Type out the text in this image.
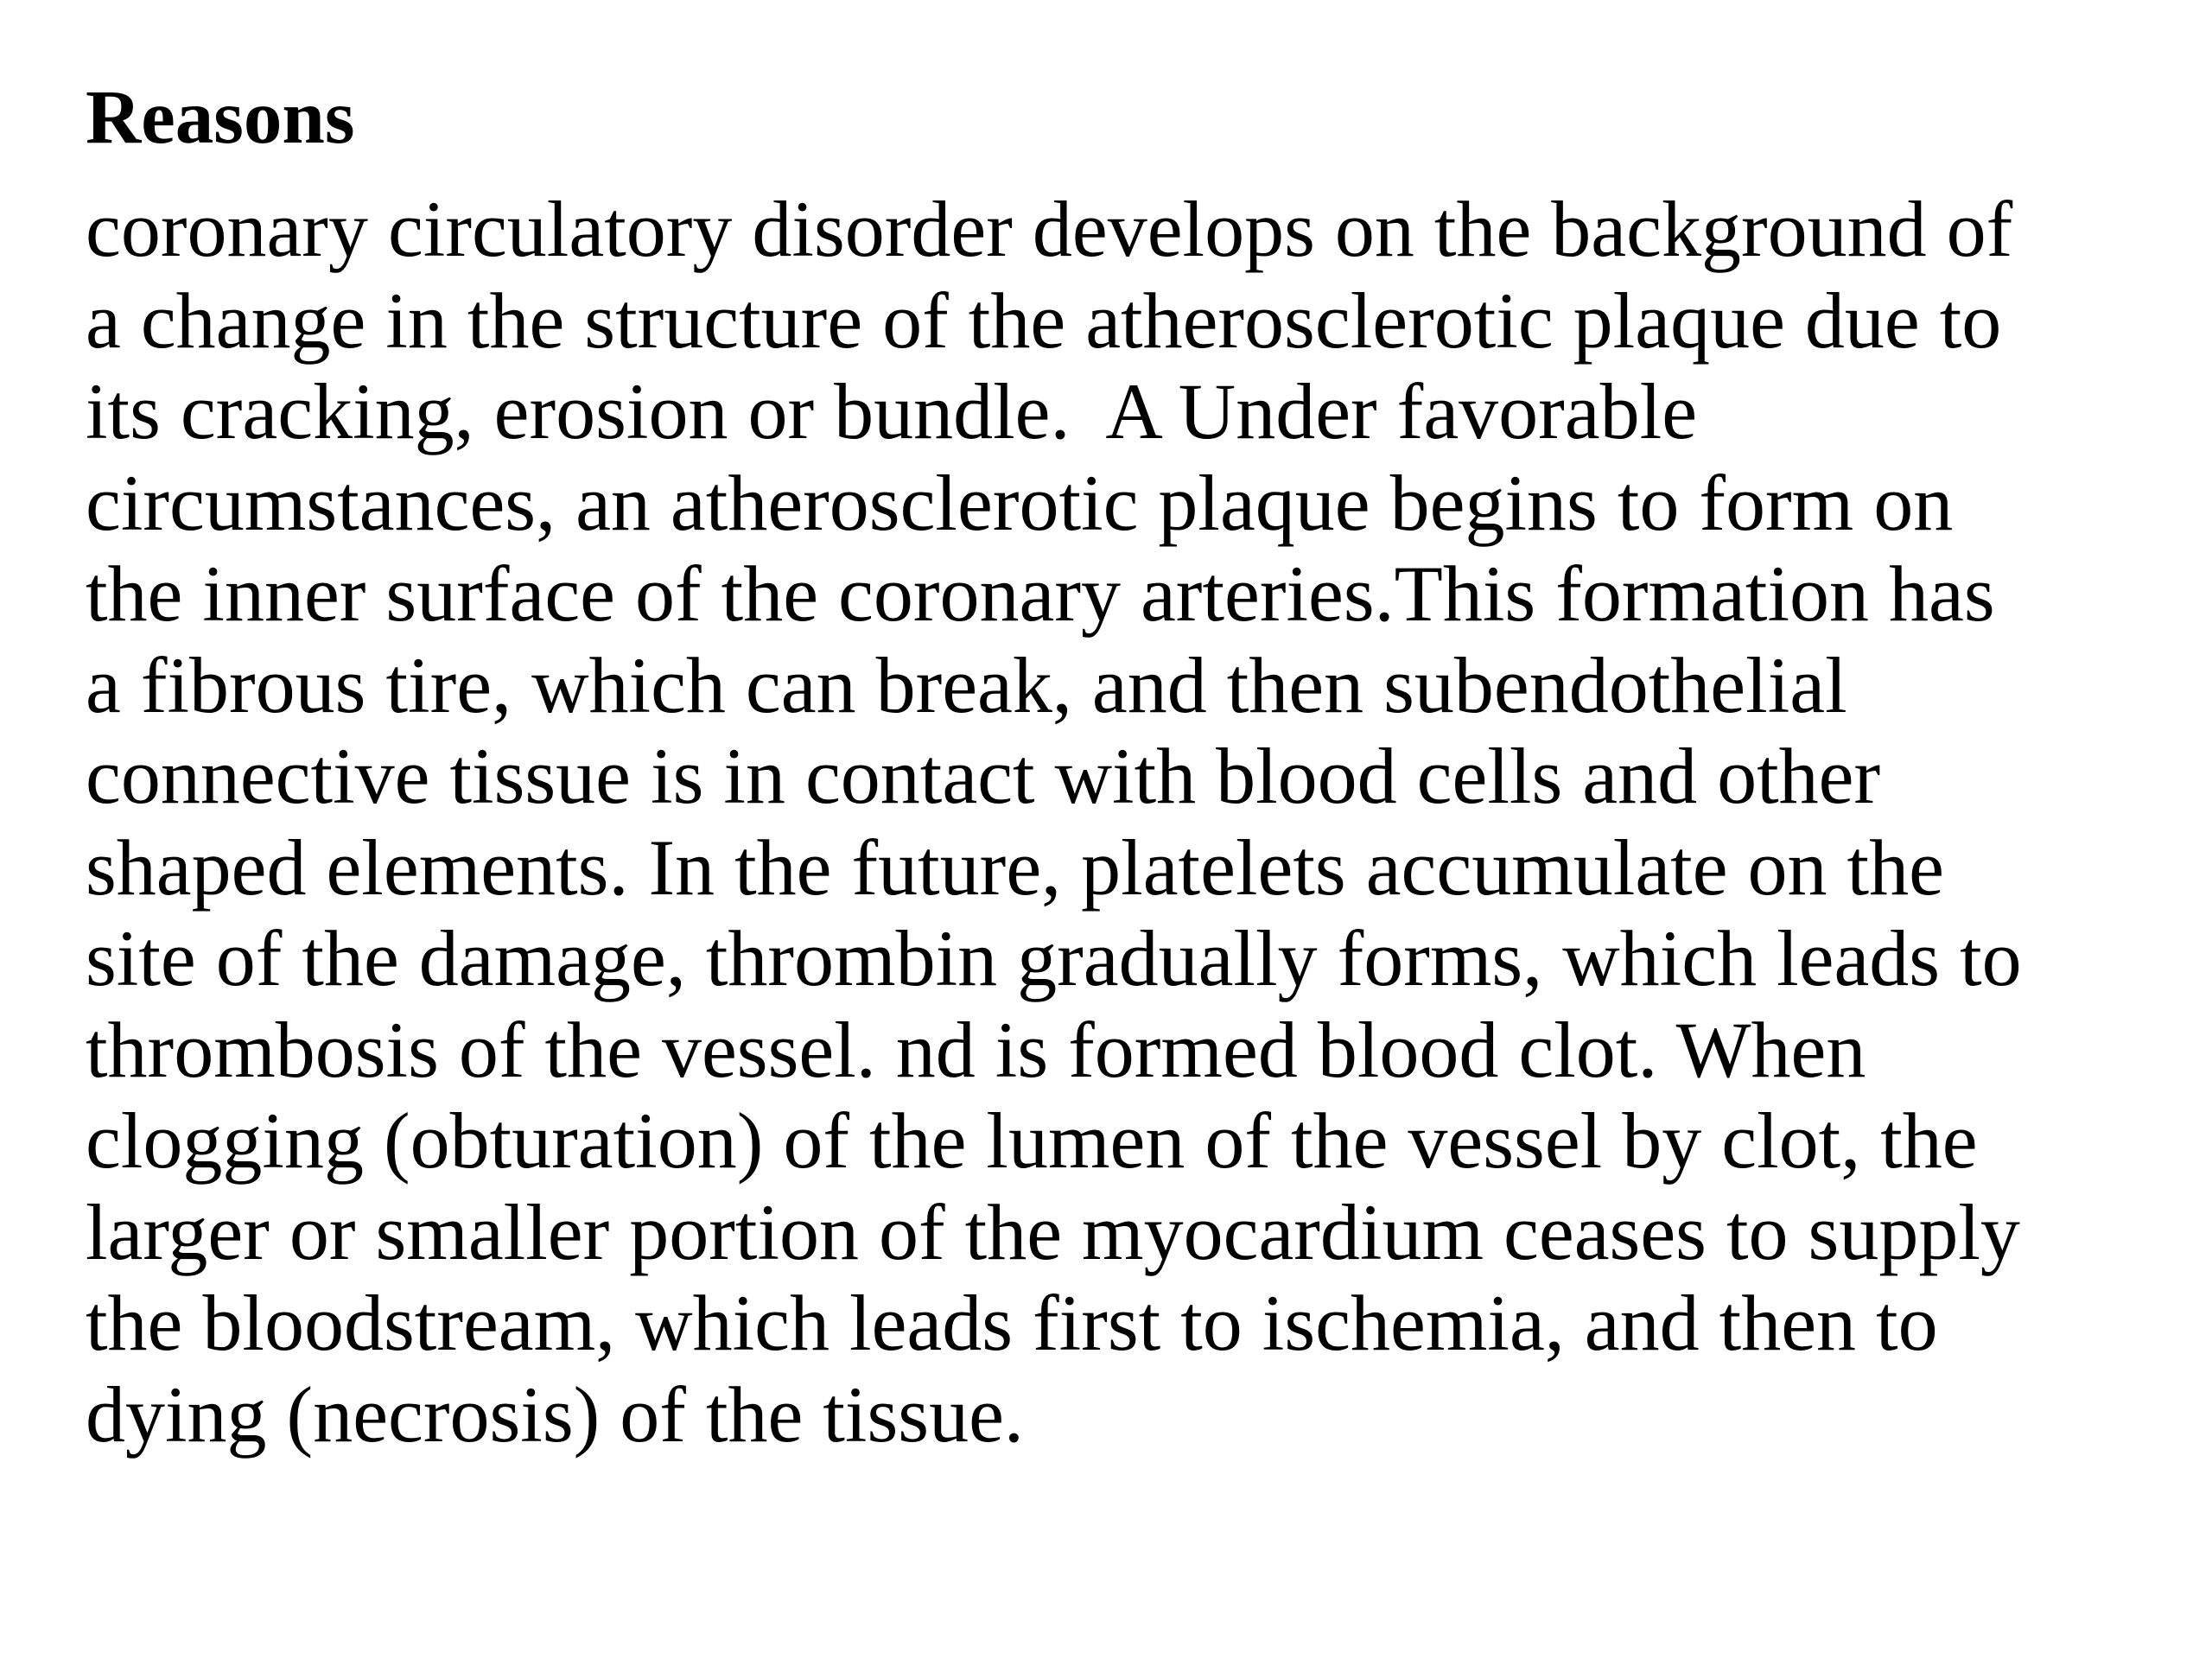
Reasons
coronary circulatory disorder develops on the background of
a change in the structure of the atherosclerotic plaque due to
its cracking, erosion or bundle.  A Under favorable
circumstances, an atherosclerotic plaque begins to form on
the inner surface of the coronary arteries.This formation has
a fibrous tire, which can break, and then subendothelial
connective tissue is in contact with blood cells and other
shaped elements. In the future, platelets accumulate on the
site of the damage, thrombin gradually forms, which leads to
thrombosis of the vessel. nd is formed blood clot. When
clogging (obturation) of the lumen of the vessel by clot, the
larger or smaller portion of the myocardium ceases to supply
the bloodstream, which leads first to ischemia, and then to
dying (necrosis) of the tissue.
